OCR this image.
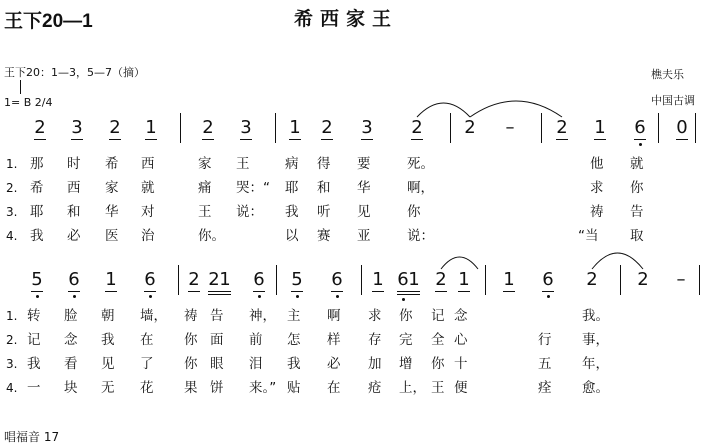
王下20—1	希西家王
王下20：1—3，5—7（摘）	樵夫乐
中国古调
1= B 2/4
唱福音 17
2 3 2 1	2 3 1 2 3 2 2	–	2 1 6 0
1. 那 时 希 西	家 王	病 得 要	死。	他 就
2. 希 西 家 就	痛 哭：“ 耶 和 华	啊，	求 你
3. 耶 和 华 对	王 说： 我 听 见	你	祷 告
4. 我 必 医 治	你。	以 赛 亚	说：	“当 取
5 6 1 6 2 2 1 6 5 6 1 6 1 2 1 1 6 2 2	–
1. 转 脸 朝 墙， 祷 告 神， 主 啊 求 你 记 念	我。
2. 记 念 我 在 你 面 前 怎 样 存 完 全 心	行 事，
3. 我 看 见 了 你 眼 泪 我 必 加 增 你 十	五 年，
4. 一 块 无 花 果 饼 来。” 贴 在 疮 上， 王 便	痊 愈。
